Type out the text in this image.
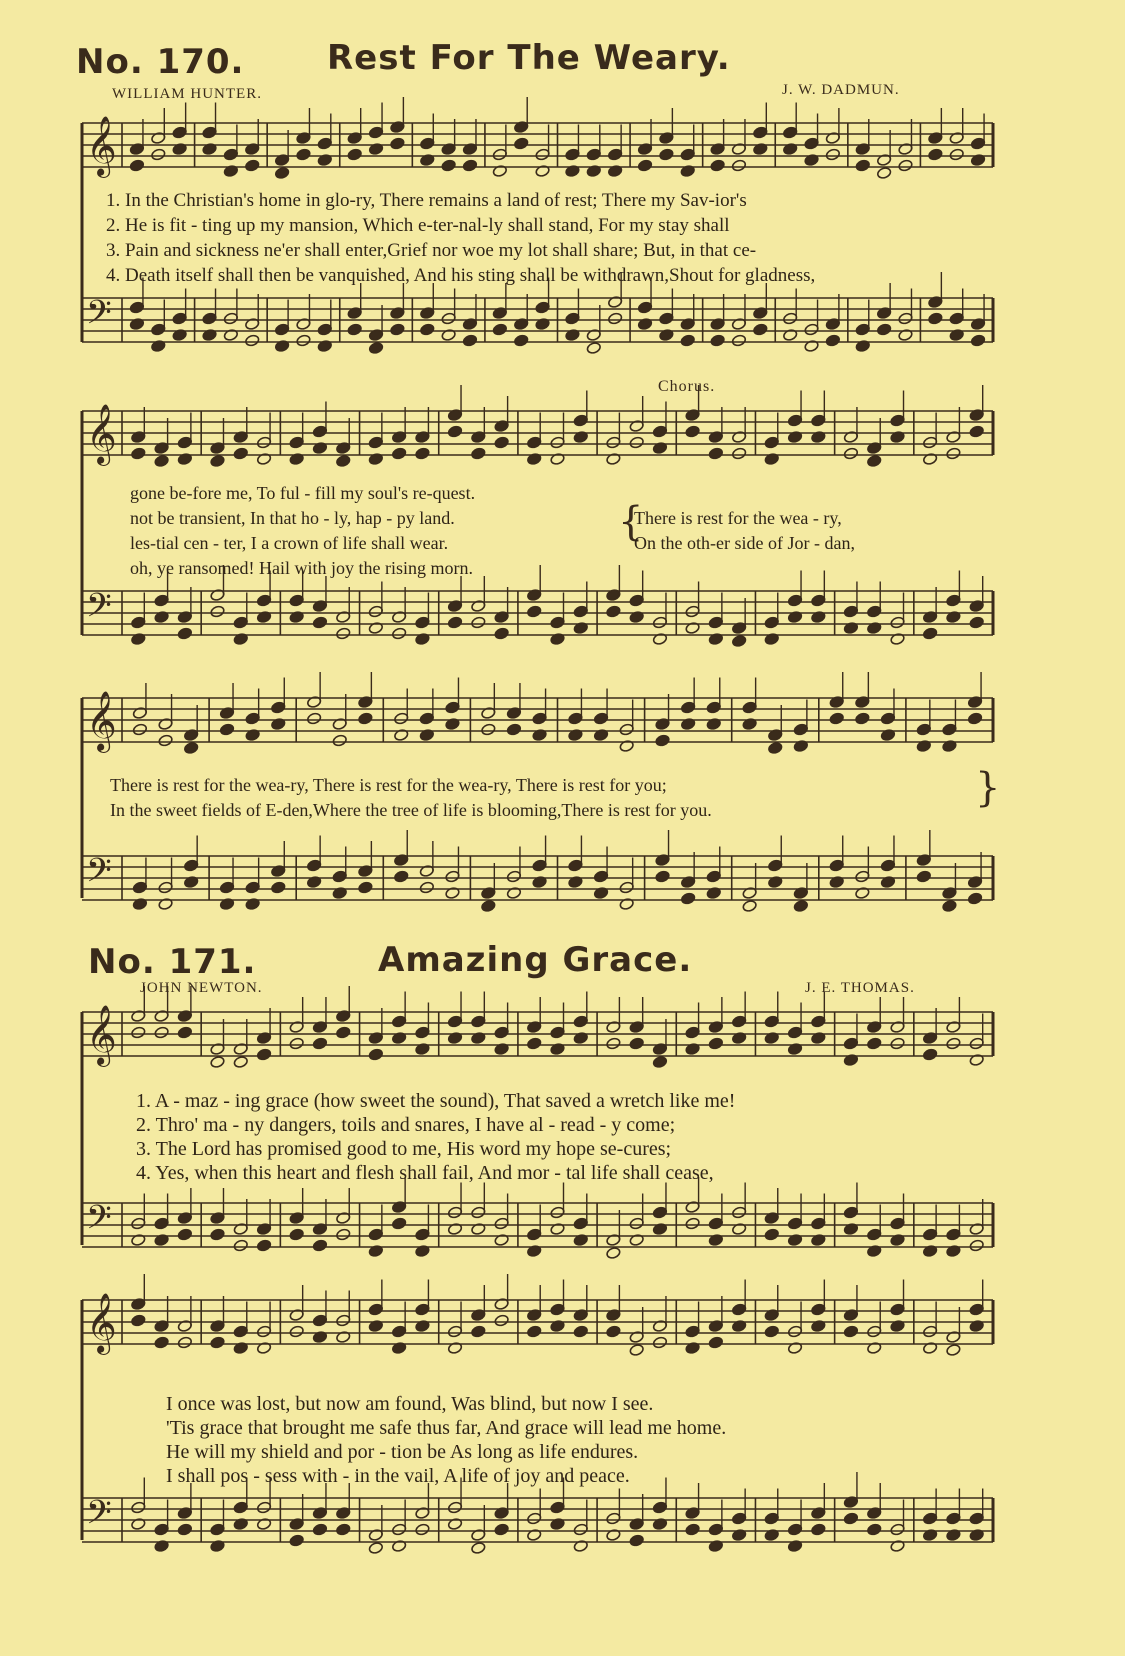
No. 170. Rest For The Weary.
WILLIAM HUNTER.	J. W. DADMUN.
𝄞
𝄢
𝄞
𝄢
𝄞
𝄢
𝄞
𝄢
𝄞
𝄢
1. In the Christian's home in glo-ry, There remains a land of rest; There my Sav-ior's
2. He is fit - ting up my mansion, Which e-ter-nal-ly shall stand, For my stay shall
3. Pain and sickness ne'er shall enter,Grief nor woe my lot shall share; But, in that ce-
4. Death itself shall then be vanquished, And his sting shall be withdrawn,Shout for gladness,
Chorus.
gone be-fore me, To ful - fill my soul's re-quest.
not be transient, In that ho - ly, hap - py land.
les-tial cen - ter, I a crown of life shall wear.
oh, ye ransomed! Hail with joy the rising morn.
{
There is rest for the wea - ry,
On the oth-er side of Jor - dan,
There is rest for the wea-ry, There is rest for the wea-ry, There is rest for you;
In the sweet fields of E-den,Where the tree of life is blooming,There is rest for you.	}
No. 171.	Amazing Grace.
JOHN NEWTON.	J. E. THOMAS.
1. A - maz - ing grace (how sweet the sound), That saved a wretch like me!
2. Thro' ma - ny dangers, toils and snares, I have al - read - y come;
3. The Lord has promised good to me, His word my hope se-cures;
4. Yes, when this heart and flesh shall fail, And mor - tal life shall cease,
I once was lost, but now am found, Was blind, but now I see.
'Tis grace that brought me safe thus far, And grace will lead me home.
He will my shield and por - tion be As long as life endures.
I shall pos - sess with - in the vail, A life of joy and peace.
